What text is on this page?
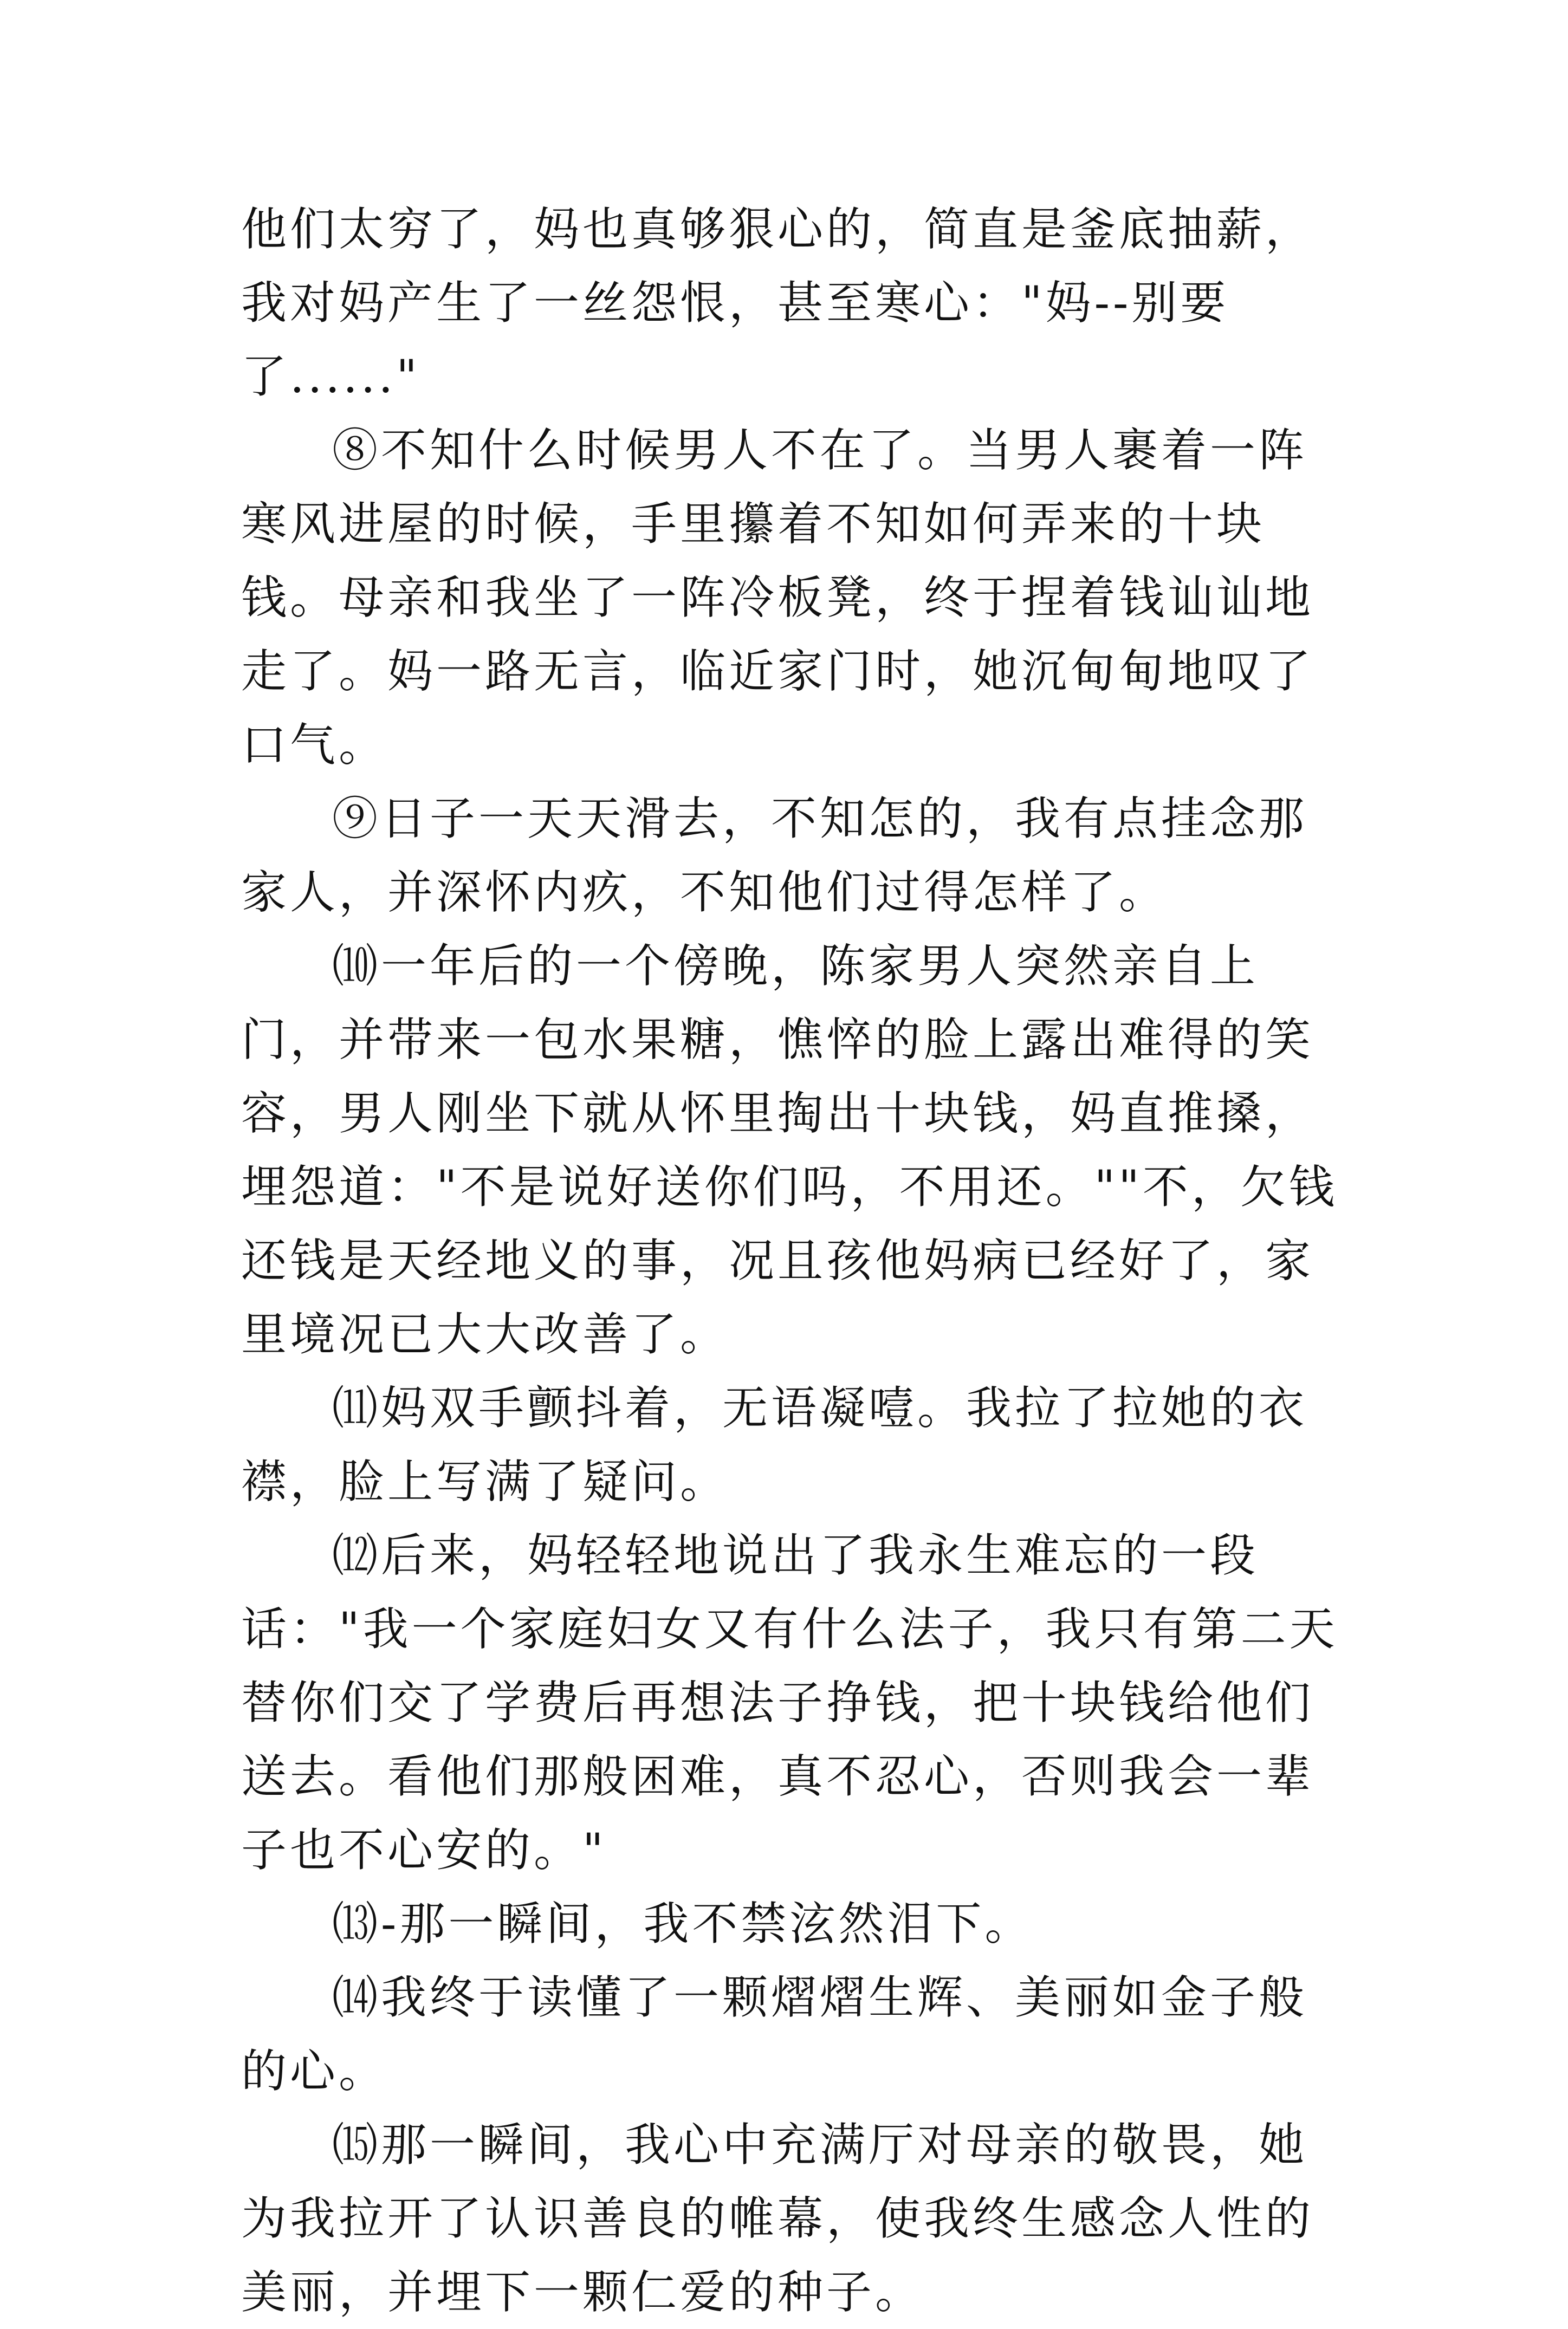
他们太穷了，妈也真够狠心的，简直是釜底抽薪，我对妈产生了一丝怨恨，甚至寒心："妈--别要了......"

⑧不知什么时候男人不在了。当男人裹着一阵寒风进屋的时候，手里攥着不知如何弄来的十块钱。母亲和我坐了一阵冷板凳，终于捏着钱讪讪地走了。妈一路无言，临近家门时，她沉甸甸地叹了口气。

⑨日子一天天滑去，不知怎的，我有点挂念那家人，并深怀内疚，不知他们过得怎样了。

⑽一年后的一个傍晚，陈家男人突然亲自上门，并带来一包水果糖，憔悴的脸上露出难得的笑容，男人刚坐下就从怀里掏出十块钱，妈直推搡，埋怨道："不是说好送你们吗，不用还。""不，欠钱还钱是天经地义的事，况且孩他妈病已经好了，家里境况已大大改善了。

⑾妈双手颤抖着，无语凝噎。我拉了拉她的衣襟，脸上写满了疑问。

⑿后来，妈轻轻地说出了我永生难忘的一段话："我一个家庭妇女又有什么法子，我只有第二天替你们交了学费后再想法子挣钱，把十块钱给他们送去。看他们那般困难，真不忍心，否则我会一辈子也不心安的。"

⒀-那一瞬间，我不禁泫然泪下。

⒁我终于读懂了一颗熠熠生辉、美丽如金子般的心。

⒂那一瞬间，我心中充满厅对母亲的敬畏，她为我拉开了认识善良的帷幕，使我终生感念人性的美丽，并埋下一颗仁爱的种子。
